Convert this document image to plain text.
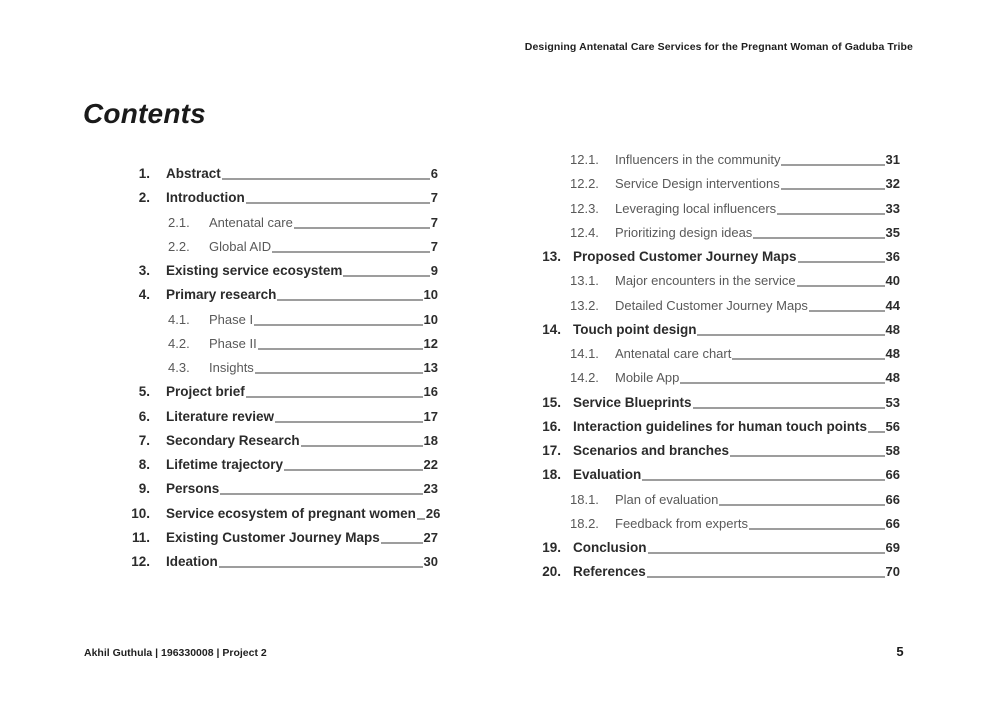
Designing Antenatal Care Services for the Pregnant Woman of Gaduba Tribe
Contents
1. Abstract	6
2. Introduction	7
2.1.	Antenatal care	7
2.2.	Global AID	7
3. Existing service ecosystem	9
4. Primary research	10
4.1.	Phase I	10
4.2.	Phase II	12
4.3.	Insights	13
5. Project brief	16
6. Literature review	17
7. Secondary Research	18
8. Lifetime trajectory	22
9. Persons	23
10. Service ecosystem of pregnant women 26
11. Existing Customer Journey Maps	27
12. Ideation	30
12.1.	Influencers in the community	31
12.2.	Service Design interventions	32
12.3.	Leveraging local influencers	33
12.4.	Prioritizing design ideas	35
13. Proposed Customer Journey Maps	36
13.1.	Major encounters in the service	40
13.2.	Detailed Customer Journey Maps	44
14. Touch point design	48
14.1.	Antenatal care chart	48
14.2.	Mobile App	48
15. Service Blueprints	53
16. Interaction guidelines for human touch points 56
17. Scenarios and branches	58
18. Evaluation	66
18.1.	Plan of evaluation	66
18.2.	Feedback from experts	66
19. Conclusion	69
20. References	70
Akhil Guthula | 196330008 | Project 2	5
